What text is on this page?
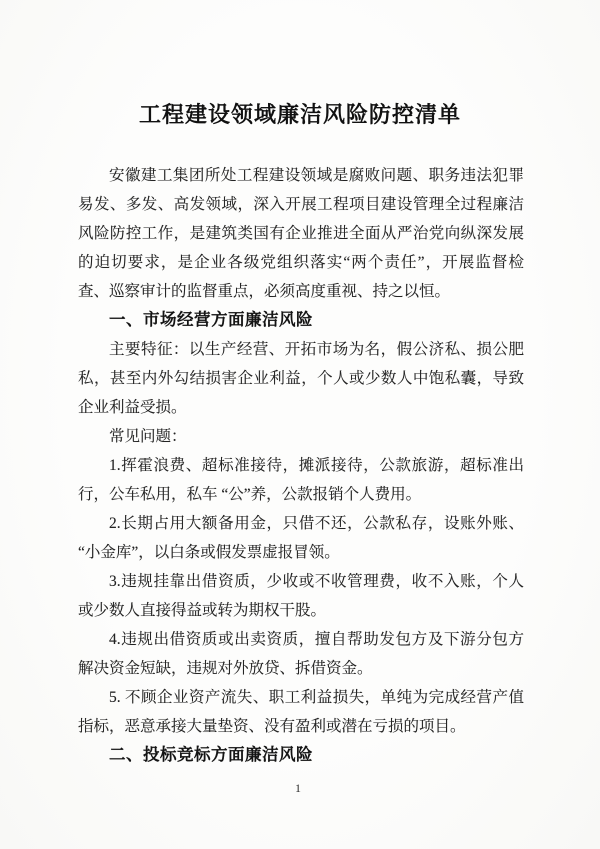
工程建设领域廉洁风险防控清单
安徽建工集团所处工程建设领域是腐败问题、职务违法犯罪
易发、多发、高发领域，深入开展工程项目建设管理全过程廉洁
风险防控工作，是建筑类国有企业推进全面从严治党向纵深发展
的迫切要求，是企业各级党组织落实“两个责任”，开展监督检
查、巡察审计的监督重点，必须高度重视、持之以恒。
一、市场经营方面廉洁风险
主要特征：以生产经营、开拓市场为名，假公济私、损公肥
私，甚至内外勾结损害企业利益，个人或少数人中饱私囊，导致
企业利益受损。
常见问题：
1.挥霍浪费、超标准接待，摊派接待，公款旅游，超标准出
行，公车私用，私车 “公”养，公款报销个人费用。
2.长期占用大额备用金，只借不还，公款私存，设账外账、
“小金库”，以白条或假发票虚报冒领。
3.违规挂靠出借资质，少收或不收管理费，收不入账，个人
或少数人直接得益或转为期权干股。
4.违规出借资质或出卖资质，擅自帮助发包方及下游分包方
解决资金短缺，违规对外放贷、拆借资金。
5. 不顾企业资产流失、职工利益损失，单纯为完成经营产值
指标，恶意承接大量垫资、没有盈利或潜在亏损的项目。
二、投标竞标方面廉洁风险
1
